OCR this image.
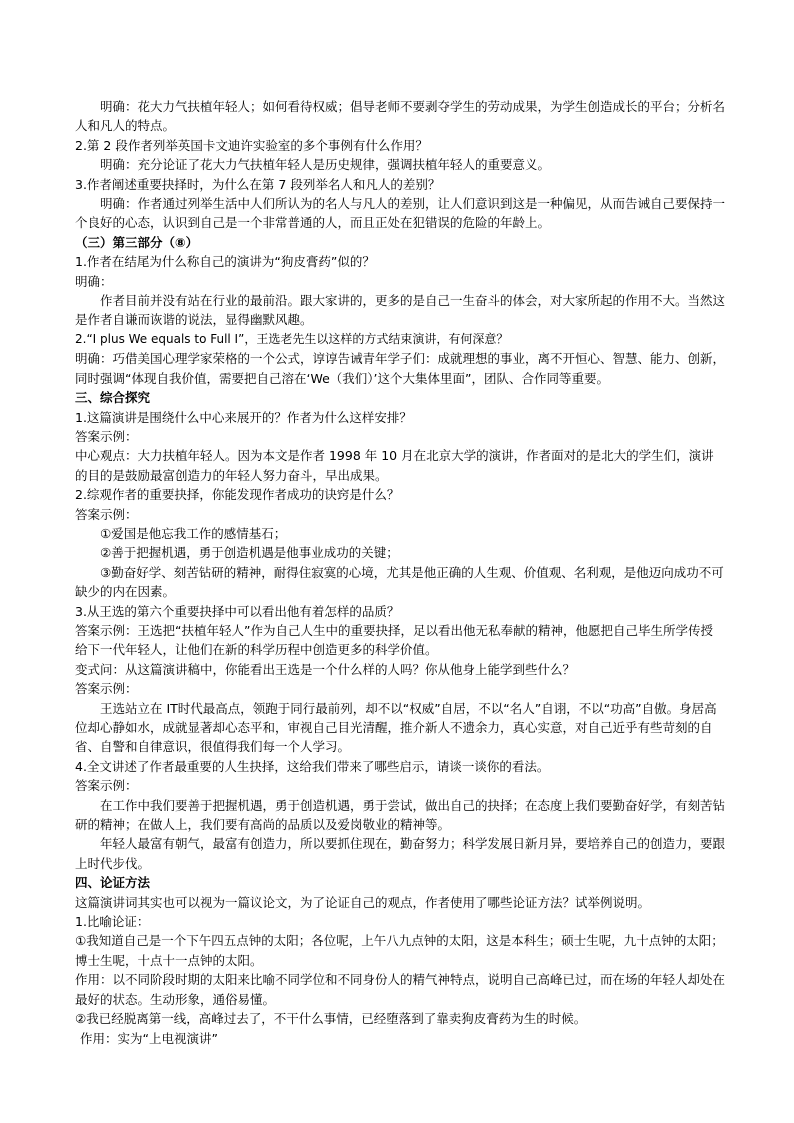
明确：花大力气扶植年轻人；如何看待权威；倡导老师不要剥夺学生的劳动成果，为学生创造成长的平台；分析名人和凡人的特点。

2.第 2 段作者列举英国卡文迪许实验室的多个事例有什么作用？

明确：充分论证了花大力气扶植年轻人是历史规律，强调扶植年轻人的重要意义。

3.作者阐述重要抉择时，为什么在第 7 段列举名人和凡人的差别？

明确：作者通过列举生活中人们所认为的名人与凡人的差别，让人们意识到这是一种偏见，从而告诫自己要保持一个良好的心态，认识到自己是一个非常普通的人，而且正处在犯错误的危险的年龄上。

（三）第三部分（⑧）

1.作者在结尾为什么称自己的演讲为“狗皮膏药”似的？

明确：

作者目前并没有站在行业的最前沿。跟大家讲的，更多的是自己一生奋斗的体会，对大家所起的作用不大。当然这是作者自谦而诙谐的说法，显得幽默风趣。

2.“I plus We equals to Full I”，王选老先生以这样的方式结束演讲，有何深意？

明确：巧借美国心理学家荣格的一个公式，谆谆告诫青年学子们：成就理想的事业，离不开恒心、智慧、能力、创新，同时强调“体现自我价值，需要把自己溶在‘We（我们）’这个大集体里面”，团队、合作同等重要。

三、综合探究

1.这篇演讲是围绕什么中心来展开的？作者为什么这样安排？

答案示例：

中心观点：大力扶植年轻人。因为本文是作者 1998 年 10 月在北京大学的演讲，作者面对的是北大的学生们，演讲的目的是鼓励最富创造力的年轻人努力奋斗，早出成果。

2.综观作者的重要抉择，你能发现作者成功的诀窍是什么？

答案示例：

①爱国是他忘我工作的感情基石；

②善于把握机遇，勇于创造机遇是他事业成功的关键；

③勤奋好学、刻苦钻研的精神，耐得住寂寞的心境，尤其是他正确的人生观、价值观、名利观，是他迈向成功不可缺少的内在因素。

3.从王选的第六个重要抉择中可以看出他有着怎样的品质？

答案示例：王选把“扶植年轻人”作为自己人生中的重要抉择，足以看出他无私奉献的精神，他愿把自己毕生所学传授给下一代年轻人，让他们在新的科学历程中创造更多的科学价值。

变式问：从这篇演讲稿中，你能看出王选是一个什么样的人吗？你从他身上能学到些什么？

答案示例：

王选站立在 IT时代最高点，领跑于同行最前列，却不以“权威”自居，不以“名人”自诩，不以“功高”自傲。身居高位却心静如水，成就显著却心态平和，审视自己目光清醒，推介新人不遗余力，真心实意，对自己近乎有些苛刻的自省、自警和自律意识，很值得我们每一个人学习。

4.全文讲述了作者最重要的人生抉择，这给我们带来了哪些启示，请谈一谈你的看法。

答案示例：

在工作中我们要善于把握机遇，勇于创造机遇，勇于尝试，做出自己的抉择；在态度上我们要勤奋好学，有刻苦钻研的精神；在做人上，我们要有高尚的品质以及爱岗敬业的精神等。

年轻人最富有朝气，最富有创造力，所以要抓住现在，勤奋努力；科学发展日新月异，要培养自己的创造力，要跟上时代步伐。

四、论证方法

这篇演讲词其实也可以视为一篇议论文，为了论证自己的观点，作者使用了哪些论证方法？试举例说明。

1.比喻论证：

①我知道自己是一个下午四五点钟的太阳；各位呢，上午八九点钟的太阳，这是本科生；硕士生呢，九十点钟的太阳；博士生呢，十点十一点钟的太阳。

作用：以不同阶段时期的太阳来比喻不同学位和不同身份人的精气神特点，说明自己高峰已过，而在场的年轻人却处在最好的状态。生动形象，通俗易懂。

②我已经脱离第一线，高峰过去了，不干什么事情，已经堕落到了靠卖狗皮膏药为生的时候。

作用：实为“上电视演讲”
